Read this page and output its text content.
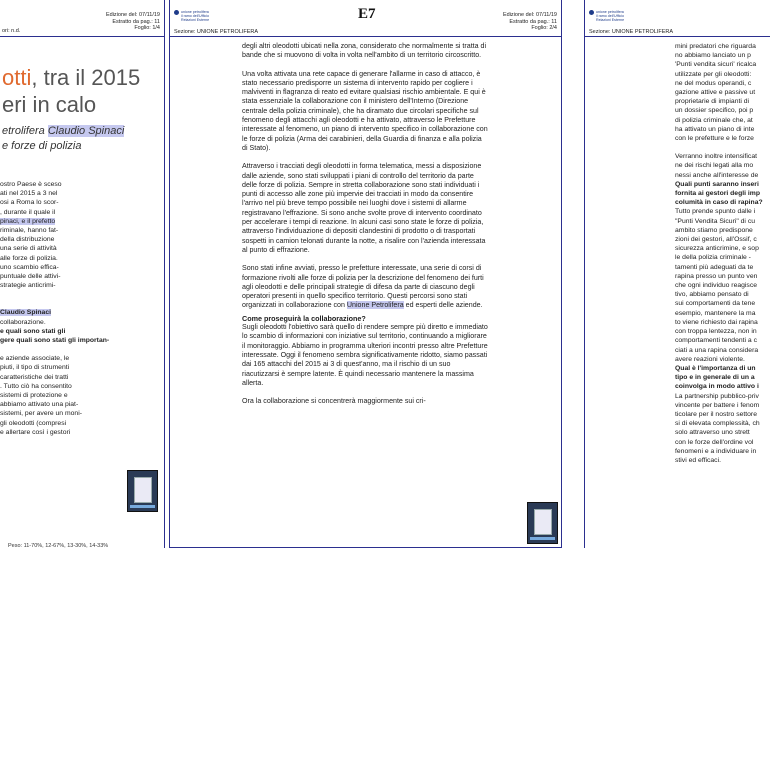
Edizione del: 07/11/19
Estratto da pag.: 11
Foglio: 1/4
ori: n.d.
otti, tra il 2015
eri in calo
etrolifera Claudio Spinaci
e forze di polizia
ostro Paese è sceso
ati nel 2015 a 3 nel
osi a Roma lo scor-
, durante il quale il
pinaci, e il prefetto
riminale, hanno fat-
della distribuzione
una serie di attività
alle forze di polizia.
uno scambio effica-
puntuale delle attivi-
strategie anticrimi-
Claudio Spinaci
collaborazione.
e quali sono stati gli
gere quali sono stati gli importan-
e aziende associate, le
piuti, il tipo di strumenti
caratteristiche dei tratti
. Tutto ciò ha consentito
sistemi di protezione e
abbiamo attivato una piat-
sistemi, per avere un moni-
gli oleodotti (compresi
e allertare così i gestori
Peso: 11-70%, 12-67%, 13-30%, 14-33%
unione petrolifera
il ramo dell'Ufficio
Relazioni Esterne	E7	Edizione del: 07/11/19
Estratto da pag.: 11
Foglio: 2/4
Sezione: UNIONE PETROLIFERA

degli altri oleodotti ubicati nella zona, considerato che normalmente si tratta di bande che si muovono di volta in volta nell'ambito di un territorio circoscritto.

Una volta attivata una rete capace di generare l'allarme in caso di attacco, è stato necessario predisporre un sistema di intervento rapido per cogliere i malviventi in flagranza di reato ed evitare qualsiasi rischio ambientale. E qui è stata essenziale la collaborazione con il ministero dell'Interno (Direzione centrale della polizia criminale), che ha diramato due circolari specifiche sul fenomeno degli attacchi agli oleodotti e ha attivato, attraverso le Prefetture interessate al fenomeno, un piano di intervento specifico in collaborazione con le forze di polizia (Arma dei carabinieri, della Guardia di finanza e alla polizia di Stato).

Attraverso i tracciati degli oleodotti in forma telematica, messi a disposizione dalle aziende, sono stati sviluppati i piani di controllo del territorio da parte delle forze di polizia. Sempre in stretta collaborazione sono stati individuati i punti di accesso alle zone più impervie dei tracciati in modo da consentire l'arrivo nel più breve tempo possibile nei luoghi dove i sistemi di allarme registravano l'effrazione. Si sono anche svolte prove di intervento coordinato per accelerare i tempi di reazione. In alcuni casi sono state le forze di polizia, attraverso l'individuazione di depositi clandestini di prodotto o di trasportati sospetti in camion telonati durante la notte, a risalire con l'azienda interessata al punto di effrazione.

Sono stati infine avviati, presso le prefetture interessate, una serie di corsi di formazione rivolti alle forze di polizia per la descrizione del fenomeno dei furti agli oleodotti e delle principali strategie di difesa da parte di ciascuno degli operatori presenti in quello specifico territorio. Questi percorsi sono stati organizzati in collaborazione con Unione Petrolifera ed esperti delle aziende.

Come proseguirà la collaborazione?

Sugli oleodotti l'obiettivo sarà quello di rendere sempre più diretto e immediato lo scambio di informazioni con iniziative sul territorio, continuando a migliorare il monitoraggio. Abbiamo in programma ulteriori incontri presso altre Prefetture interessate. Oggi il fenomeno sembra significativamente ridotto, siamo passati dai 165 attacchi del 2015 ai 3 di quest'anno, ma il rischio di un suo riacutizzarsi è sempre latente. È quindi necessario mantenere la massima allerta.

Ora la collaborazione si concentrerà maggiormente sui cri-

unione petrolifera
il ramo dell'Ufficio
Relazioni Esterne
Sezione: UNIONE PETROLIFERA
mini predatori che riguarda
no abbiamo lanciato un p
'Punti vendita sicuri' ricalca
utilizzate per gli oleodotti:
ne del modus operandi, c
gazione attive e passive ut
proprietarie di impianti di
un dossier specifico, poi p
di polizia criminale che, at
ha attivato un piano di inte
con le prefetture e le forze
Verranno inoltre intensificat
ne dei rischi legati alla mo
nessi anche all'interesse de
Quali punti saranno inseri
fornita ai gestori degli imp
columità in caso di rapina?
Tutto prende spunto dalle i
"Punti Vendita Sicuri" di cu
ambito stiamo predispone
zioni dei gestori, all'Ossif, c
sicurezza anticrimine, e sop
le della polizia criminale -
tamenti più adeguati da te
rapina presso un punto ven
che ogni individuo reagisce
tivo, abbiamo pensato di
sui comportamenti da tene
esempio, mantenere la ma
to viene richiesto dai rapina
con troppa lentezza, non in
comportamenti tendenti a c
ciati a una rapina considera
avere reazioni violente.
Qual è l'importanza di un
tipo e in generale di un a
coinvolga in modo attivo i
La partnership pubblico-priv
vincente per battere i fenom
ticolare per il nostro settore
si di elevata complessità, ch
solo attraverso uno strett
con le forze dell'ordine vol
fenomeni e a individuare in
stivi ed efficaci.
